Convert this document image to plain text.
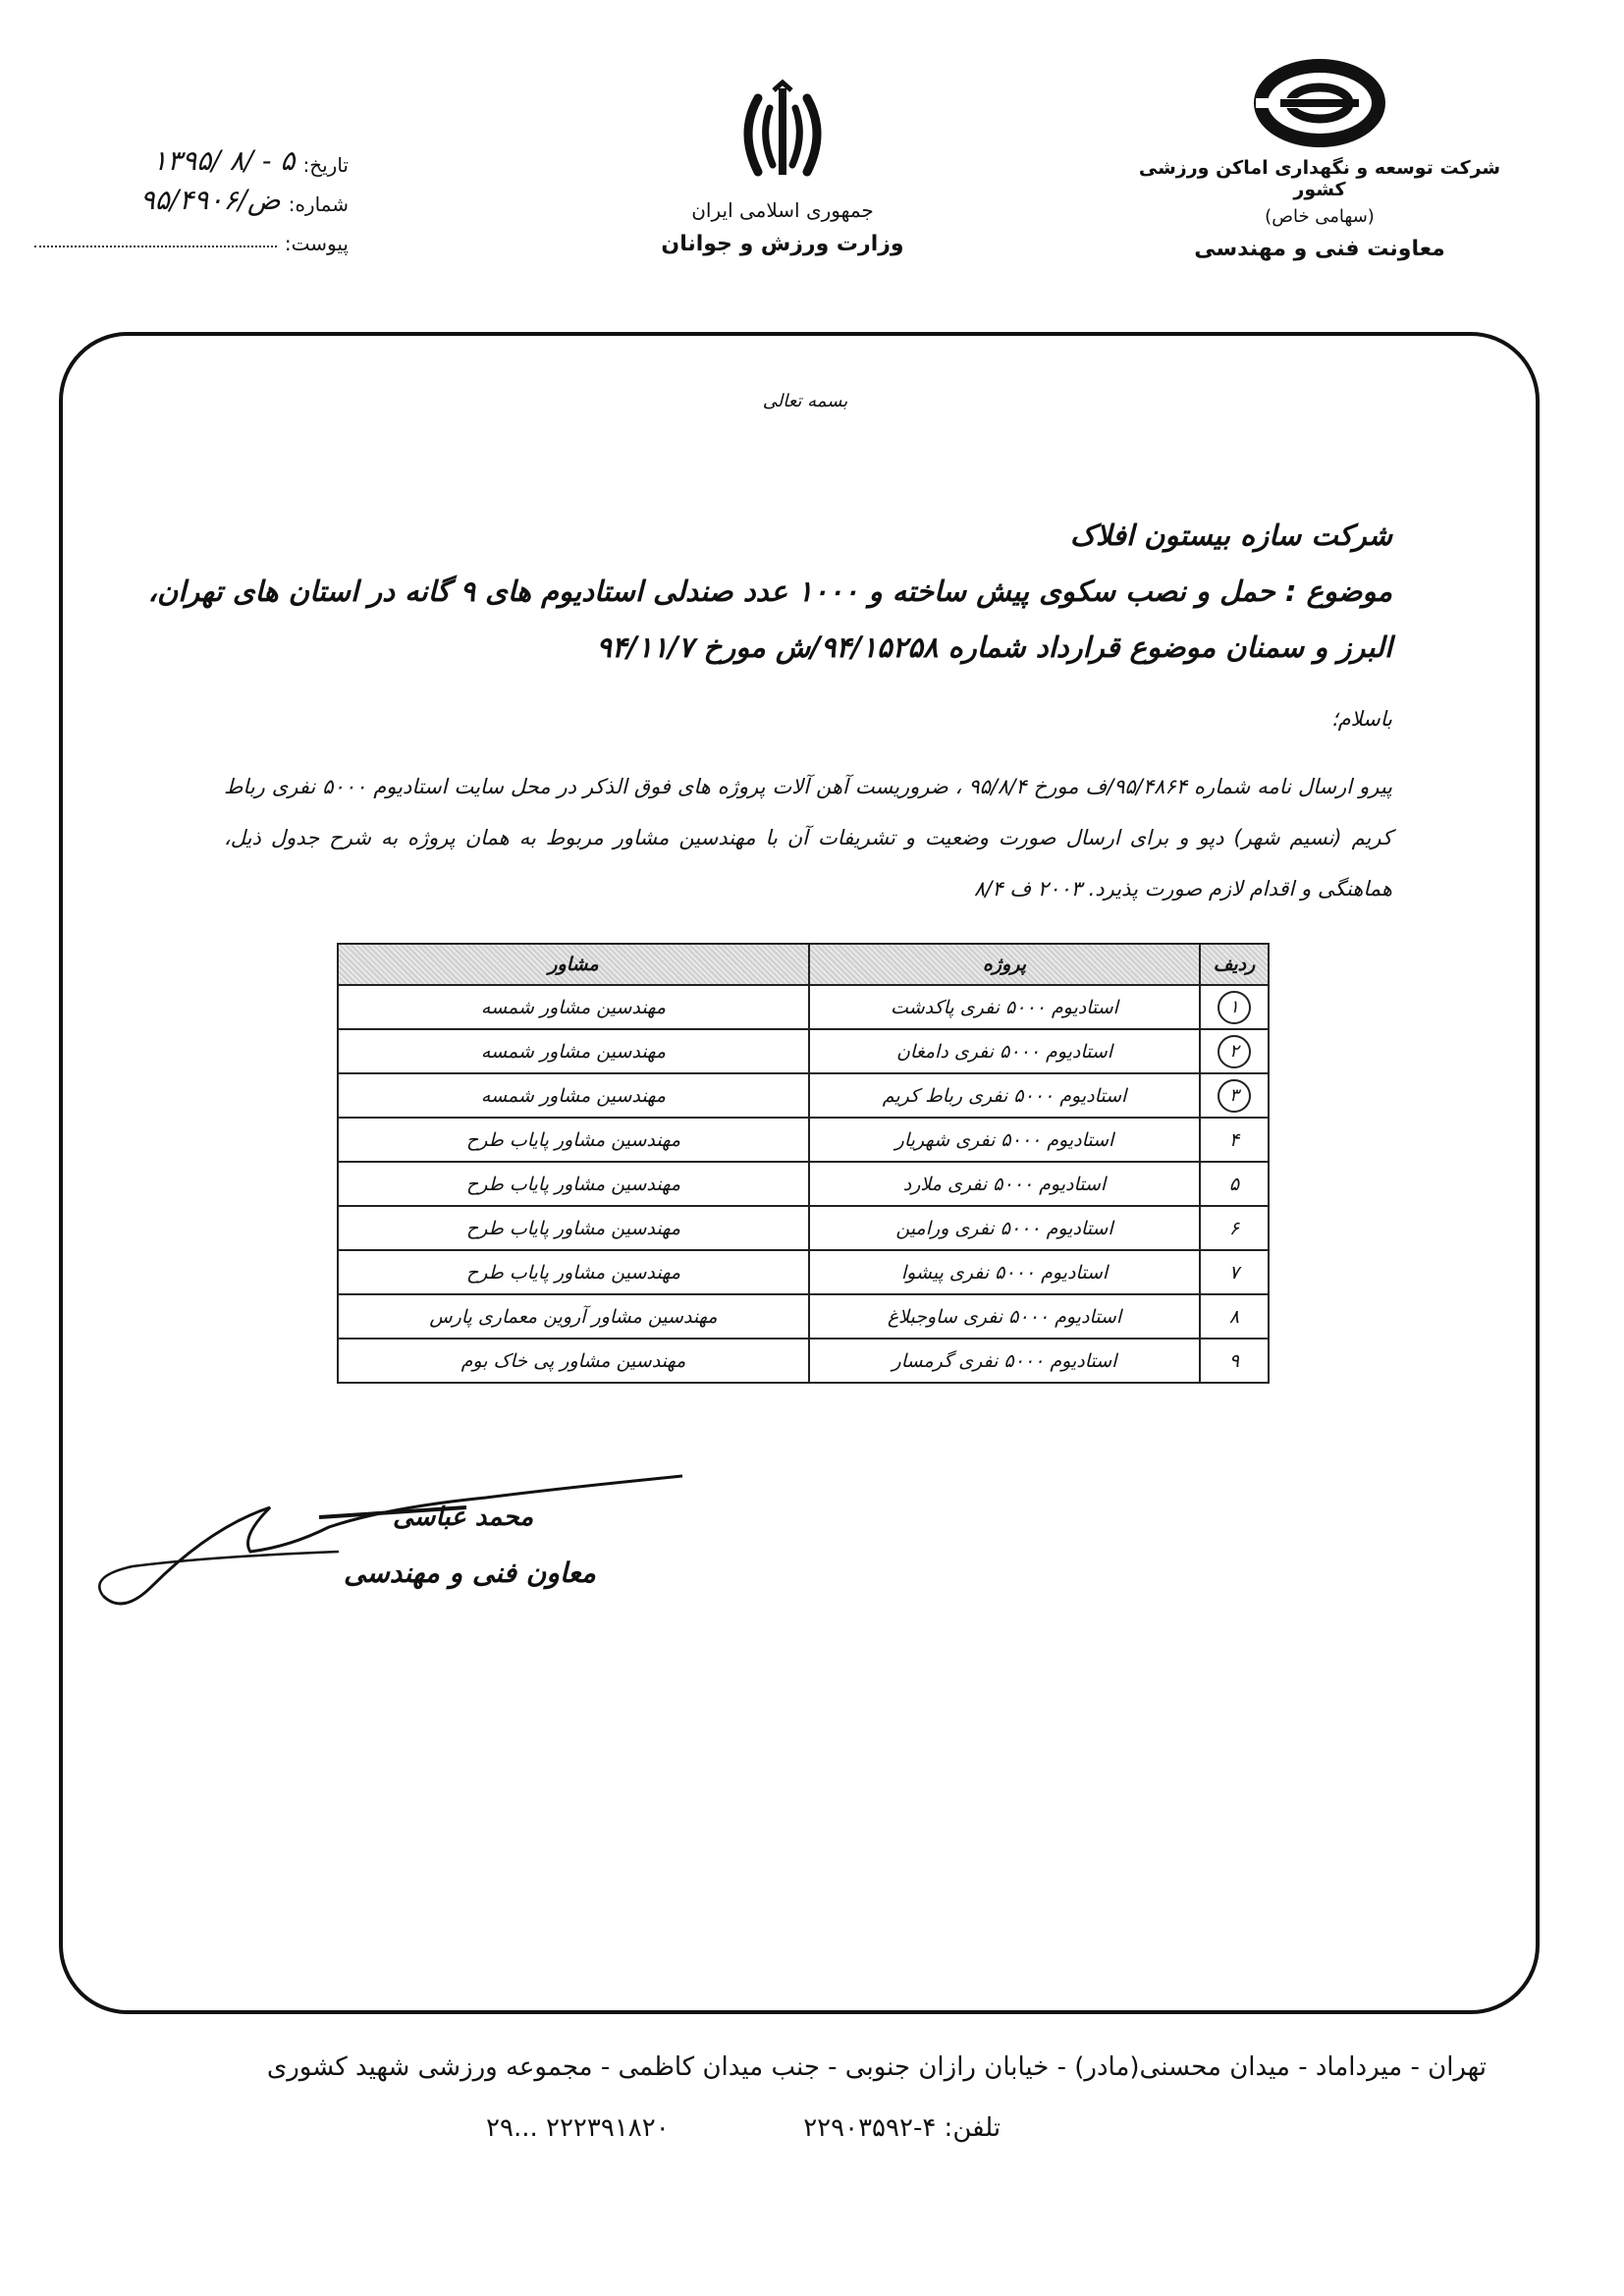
شرکت توسعه و نگهداری اماکن ورزشی کشور
(سهامی خاص)
معاونت فنی و مهندسی
جمهوری اسلامی ایران
وزارت ورزش و جوانان
تاریخ:
۱۳۹۵/ ۸/ - ۵
شماره:
۹۵/۴۹۰۶/ض
پیوست:
بسمه تعالی
شرکت سازه بیستون افلاک
موضوع : حمل و نصب سکوی پیش ساخته و ۱۰۰۰ عدد صندلی استادیوم های ۹ گانه در استان های تهران،
البرز و سمنان موضوع قرارداد شماره ۹۴/۱۵۲۵۸/ش مورخ ۹۴/۱۱/۷
باسلام؛
پیرو ارسال نامه شماره ۹۵/۴۸۶۴/ف مورخ ۹۵/۸/۴ ، ضروریست آهن آلات پروژه های فوق الذکر در محل سایت استادیوم ۵۰۰۰ نفری رباط کریم (نسیم شهر) دپو و برای ارسال صورت وضعیت و تشریفات آن با مهندسین مشاور مربوط به همان پروژه به شرح جدول ذیل، هماهنگی و اقدام لازم صورت پذیرد. ۲۰۰۳ ف ۸/۴
ردیف	پروژه	مشاور
۱	استادیوم ۵۰۰۰ نفری پاکدشت	مهندسین مشاور شمسه
۲	استادیوم ۵۰۰۰ نفری دامغان	مهندسین مشاور شمسه
۳	استادیوم ۵۰۰۰ نفری رباط کریم	مهندسین مشاور شمسه
۴	استادیوم ۵۰۰۰ نفری شهریار	مهندسین مشاور پایاب طرح
۵	استادیوم ۵۰۰۰ نفری ملارد	مهندسین مشاور پایاب طرح
۶	استادیوم ۵۰۰۰ نفری ورامین	مهندسین مشاور پایاب طرح
۷	استادیوم ۵۰۰۰ نفری پیشوا	مهندسین مشاور پایاب طرح
۸	استادیوم ۵۰۰۰ نفری ساوجبلاغ	مهندسین مشاور آروین معماری پارس
۹	استادیوم ۵۰۰۰ نفری گرمسار	مهندسین مشاور پی خاک بوم
محمد عباسی
معاون فنی و مهندسی
تهران - میرداماد - میدان محسنی(مادر) - خیابان رازان جنوبی - جنب میدان کاظمی - مجموعه ورزشی شهید کشوری
تلفن: ۴-۲۲۹۰۳۵۹۲  ۲۲۲۳۹۱۸۲۰ ...۲۹
